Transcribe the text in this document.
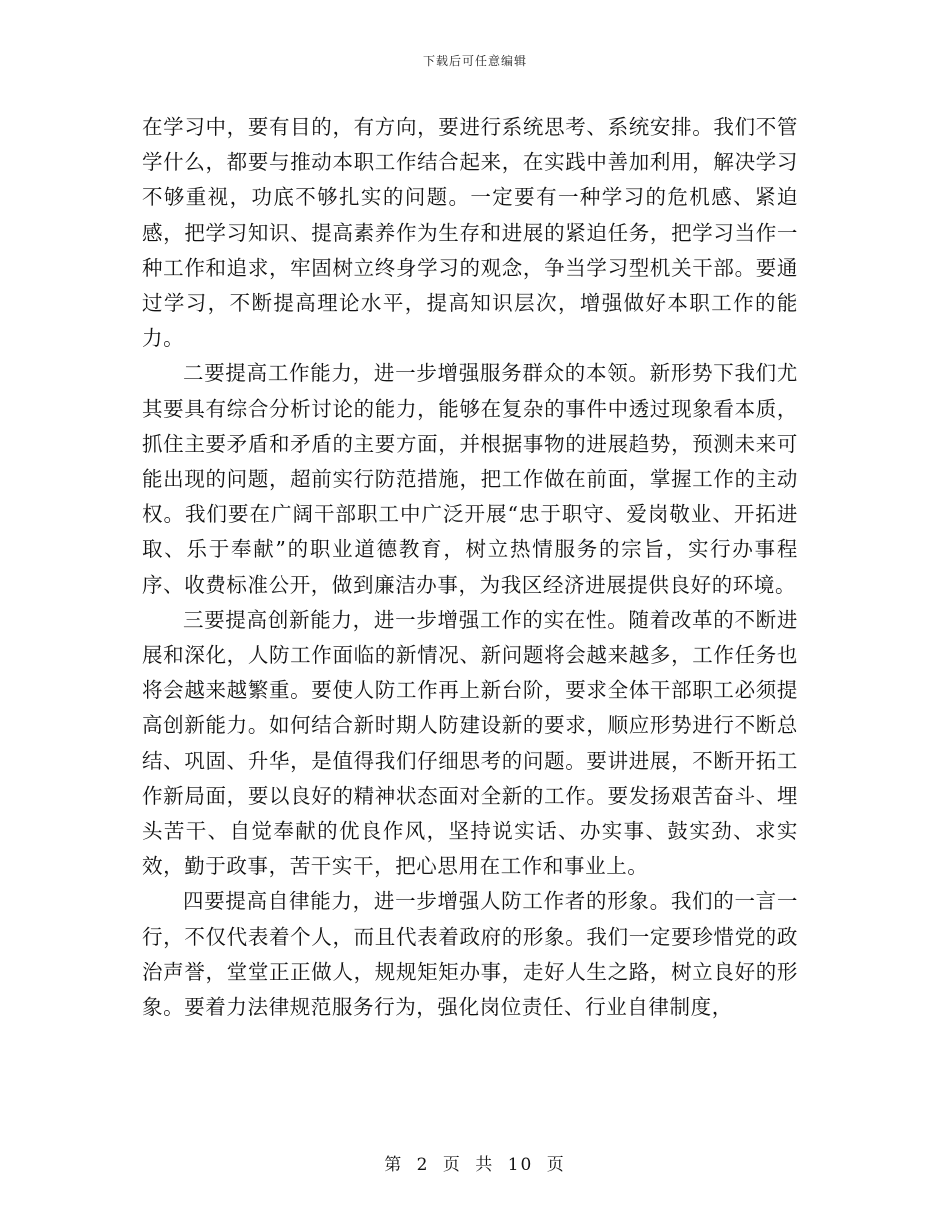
下载后可任意编辑

在学习中，要有目的，有方向，要进行系统思考、系统安排。我们不管学什么，都要与推动本职工作结合起来，在实践中善加利用，解决学习不够重视，功底不够扎实的问题。一定要有一种学习的危机感、紧迫感，把学习知识、提高素养作为生存和进展的紧迫任务，把学习当作一种工作和追求，牢固树立终身学习的观念，争当学习型机关干部。要通过学习，不断提高理论水平，提高知识层次，增强做好本职工作的能力。

二要提高工作能力，进一步增强服务群众的本领。新形势下我们尤其要具有综合分析讨论的能力，能够在复杂的事件中透过现象看本质，抓住主要矛盾和矛盾的主要方面，并根据事物的进展趋势，预测未来可能出现的问题，超前实行防范措施，把工作做在前面，掌握工作的主动权。我们要在广阔干部职工中广泛开展“忠于职守、爱岗敬业、开拓进取、乐于奉献”的职业道德教育，树立热情服务的宗旨，实行办事程序、收费标准公开，做到廉洁办事，为我区经济进展提供良好的环境。

三要提高创新能力，进一步增强工作的实在性。随着改革的不断进展和深化，人防工作面临的新情况、新问题将会越来越多，工作任务也将会越来越繁重。要使人防工作再上新台阶，要求全体干部职工必须提高创新能力。如何结合新时期人防建设新的要求，顺应形势进行不断总结、巩固、升华，是值得我们仔细思考的问题。要讲进展，不断开拓工作新局面，要以良好的精神状态面对全新的工作。要发扬艰苦奋斗、埋头苦干、自觉奉献的优良作风，坚持说实话、办实事、鼓实劲、求实效，勤于政事，苦干实干，把心思用在工作和事业上。

四要提高自律能力，进一步增强人防工作者的形象。我们的一言一行，不仅代表着个人，而且代表着政府的形象。我们一定要珍惜党的政治声誉，堂堂正正做人，规规矩矩办事，走好人生之路，树立良好的形象。要着力法律规范服务行为，强化岗位责任、行业自律制度，

第 2 页 共 10 页
